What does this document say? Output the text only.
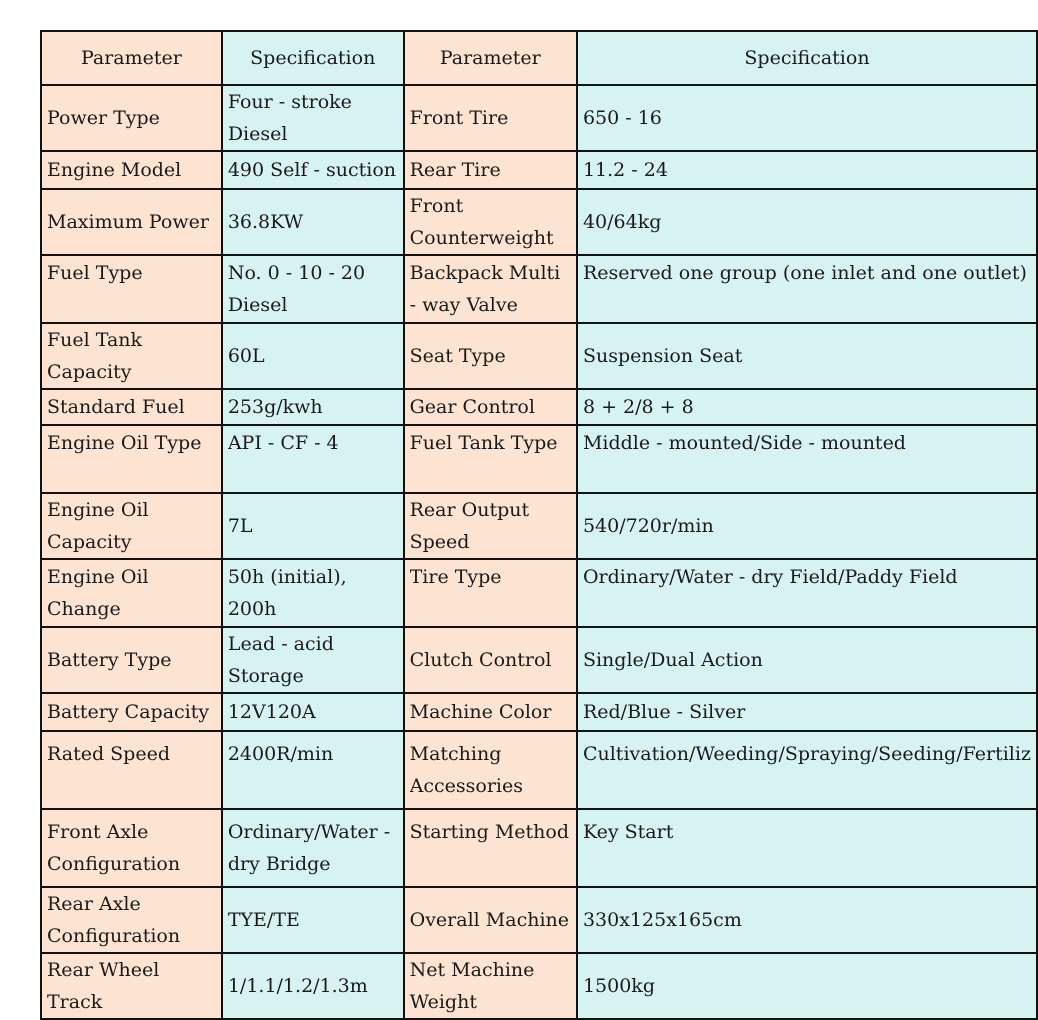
Parameter	Specification	Parameter	Specification

Power Type	Four - stroke Diesel	Front Tire	650 - 16

Engine Model	490 Self - suction	Rear Tire	11.2 - 24

Maximum Power	36.8KW	Front Counterweight	40/64kg

Fuel Type	No. 0 - 10 - 20 Diesel	Backpack Multi - way Valve	Reserved one group (one inlet and one outlet)

Fuel Tank Capacity	60L	Seat Type	Suspension Seat

Standard Fuel	253g/kwh	Gear Control	8 + 2/8 + 8

Engine Oil Type	API - CF - 4	Fuel Tank Type	Middle - mounted/Side - mounted

Engine Oil Capacity	7L	Rear Output Speed	540/720r/min

Engine Oil Change	50h (initial), 200h	Tire Type	Ordinary/Water - dry Field/Paddy Field

Battery Type	Lead - acid Storage	Clutch Control	Single/Dual Action

Battery Capacity	12V120A	Machine Color	Red/Blue - Silver

Rated Speed	2400R/min	Matching Accessories	Cultivation/Weeding/Spraying/Seeding/Fertiliz

Front Axle Configuration	Ordinary/Water - dry Bridge	Starting Method	Key Start

Rear Axle Configuration	TYE/TE	Overall Machine	330x125x165cm

Rear Wheel Track	1/1.1/1.2/1.3m	Net Machine Weight	1500kg
